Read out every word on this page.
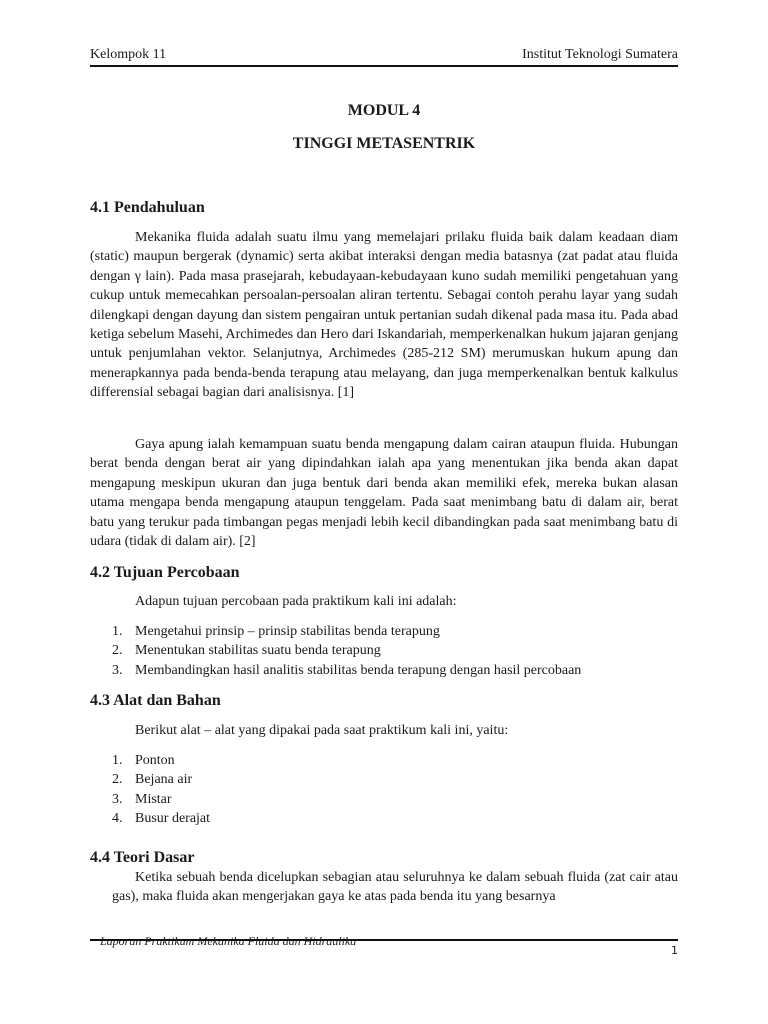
Kelompok 11	Institut Teknologi Sumatera
MODUL 4
TINGGI METASENTRIK
4.1 Pendahuluan

Mekanika fluida adalah suatu ilmu yang memelajari prilaku fluida baik dalam keadaan diam (static) maupun bergerak (dynamic) serta akibat interaksi dengan media batasnya (zat padat atau fluida dengan γ lain). Pada masa prasejarah, kebudayaan-kebudayaan kuno sudah memiliki pengetahuan yang cukup untuk memecahkan persoalan-persoalan aliran tertentu. Sebagai contoh perahu layar yang sudah dilengkapi dengan dayung dan sistem pengairan untuk pertanian sudah dikenal pada masa itu. Pada abad ketiga sebelum Masehi, Archimedes dan Hero dari Iskandariah, memperkenalkan hukum jajaran genjang untuk penjumlahan vektor. Selanjutnya, Archimedes (285-212 SM) merumuskan hukum apung dan menerapkannya pada benda-benda terapung atau melayang, dan juga memperkenalkan bentuk kalkulus differensial sebagai bagian dari analisisnya. [1]

Gaya apung ialah kemampuan suatu benda mengapung dalam cairan ataupun fluida. Hubungan berat benda dengan berat air yang dipindahkan ialah apa yang menentukan jika benda akan dapat mengapung meskipun ukuran dan juga bentuk dari benda akan memiliki efek, mereka bukan alasan utama mengapa benda mengapung ataupun tenggelam. Pada saat menimbang batu di dalam air, berat batu yang terukur pada timbangan pegas menjadi lebih kecil dibandingkan pada saat menimbang batu di udara (tidak di dalam air). [2]

4.2 Tujuan Percobaan

Adapun tujuan percobaan pada praktikum kali ini adalah:

1. Mengetahui prinsip – prinsip stabilitas benda terapung
2. Menentukan stabilitas suatu benda terapung
3. Membandingkan hasil analitis stabilitas benda terapung dengan hasil percobaan
4.3 Alat dan Bahan

Berikut alat – alat yang dipakai pada saat praktikum kali ini, yaitu:

1. Ponton
2. Bejana air
3. Mistar
4. Busur derajat
4.4 Teori Dasar

Ketika sebuah benda dicelupkan sebagian atau seluruhnya ke dalam sebuah fluida (zat cair atau gas), maka fluida akan mengerjakan gaya ke atas pada benda itu yang besarnya

Laporan Praktikum Mekanika Fluida dan Hidraulika
1
